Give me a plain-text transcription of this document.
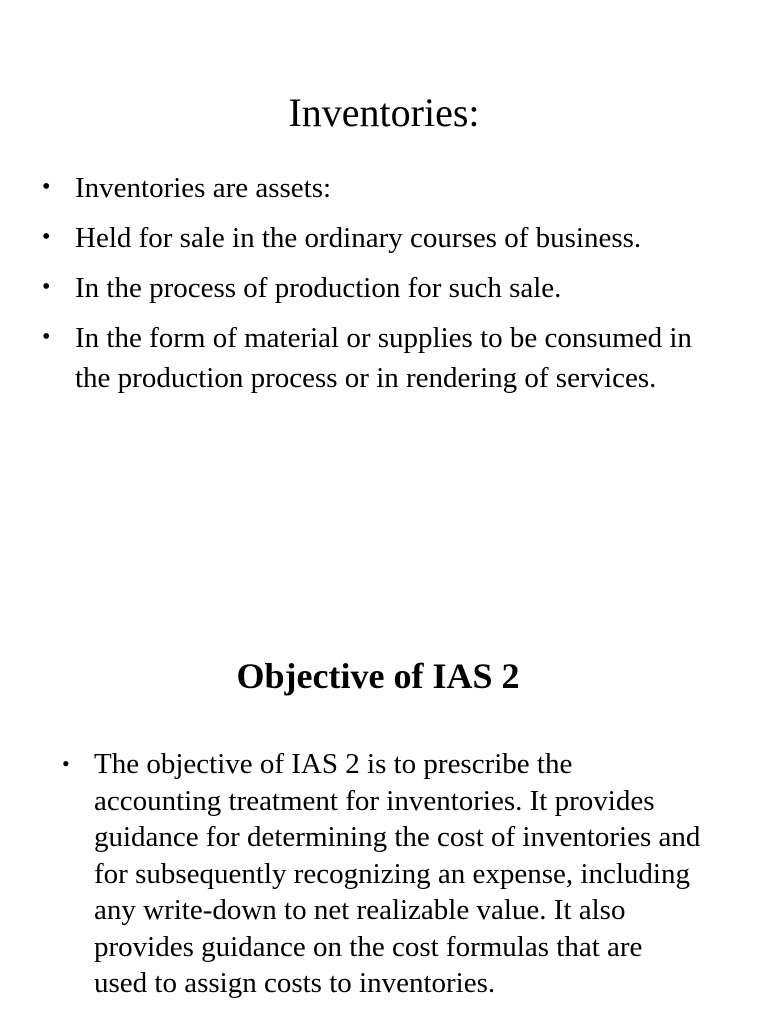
Inventories:
• Inventories are assets:
• Held for sale in the ordinary courses of business.
• In the process of production for such sale.
• In the form of material or supplies to be consumed in the production process or in rendering of services.
Objective of IAS 2
• The objective of IAS 2 is to prescribe the accounting treatment for inventories. It provides guidance for determining the cost of inventories and for subsequently recognizing an expense, including any write-down to net realizable value. It also provides guidance on the cost formulas that are used to assign costs to inventories.
